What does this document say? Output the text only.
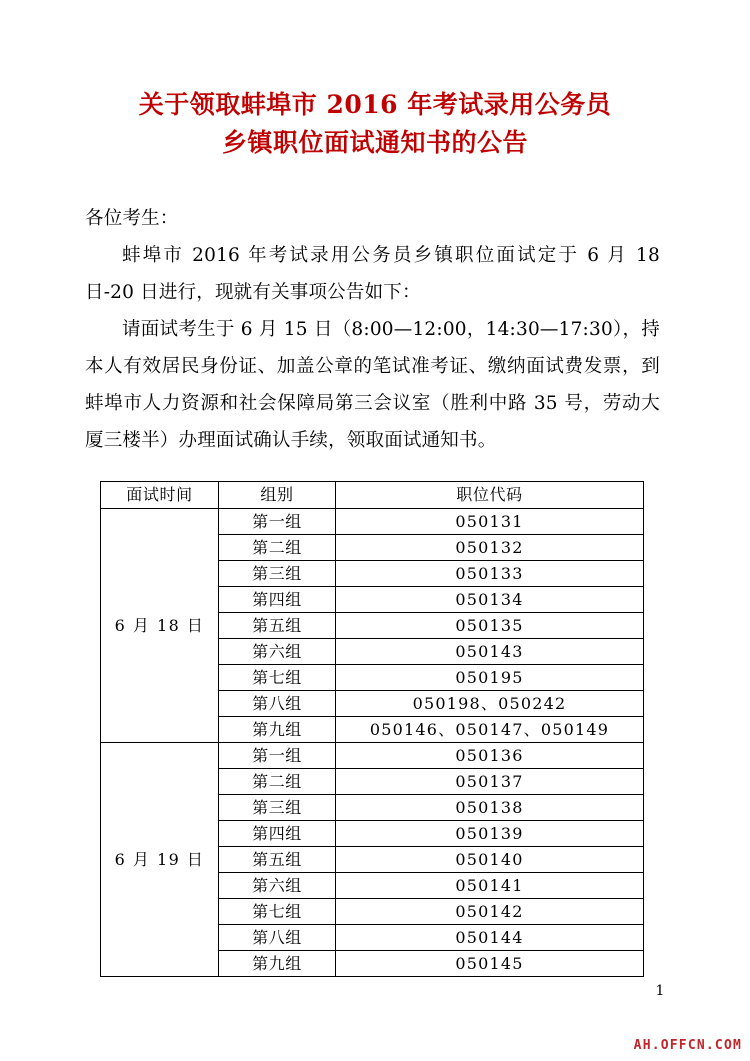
关于领取蚌埠市 2016 年考试录用公务员
乡镇职位面试通知书的公告

各位考生：

蚌埠市 2016 年考试录用公务员乡镇职位面试定于 6 月 18 日-20 日进行，现就有关事项公告如下：

请面试考生于 6 月 15 日（8:00—12:00，14:30—17:30），持本人有效居民身份证、加盖公章的笔试准考证、缴纳面试费发票，到蚌埠市人力资源和社会保障局第三会议室（胜利中路 35 号，劳动大厦三楼半）办理面试确认手续，领取面试通知书。

面试时间	组别	职位代码
6 月 18 日	第一组	050131
	第二组	050132
	第三组	050133
	第四组	050134
	第五组	050135
	第六组	050143
	第七组	050195
	第八组	050198、050242
	第九组	050146、050147、050149
6 月 19 日	第一组	050136
	第二组	050137
	第三组	050138
	第四组	050139
	第五组	050140
	第六组	050141
	第七组	050142
	第八组	050144
	第九组	050145
1
AH.OFFCN.COM
